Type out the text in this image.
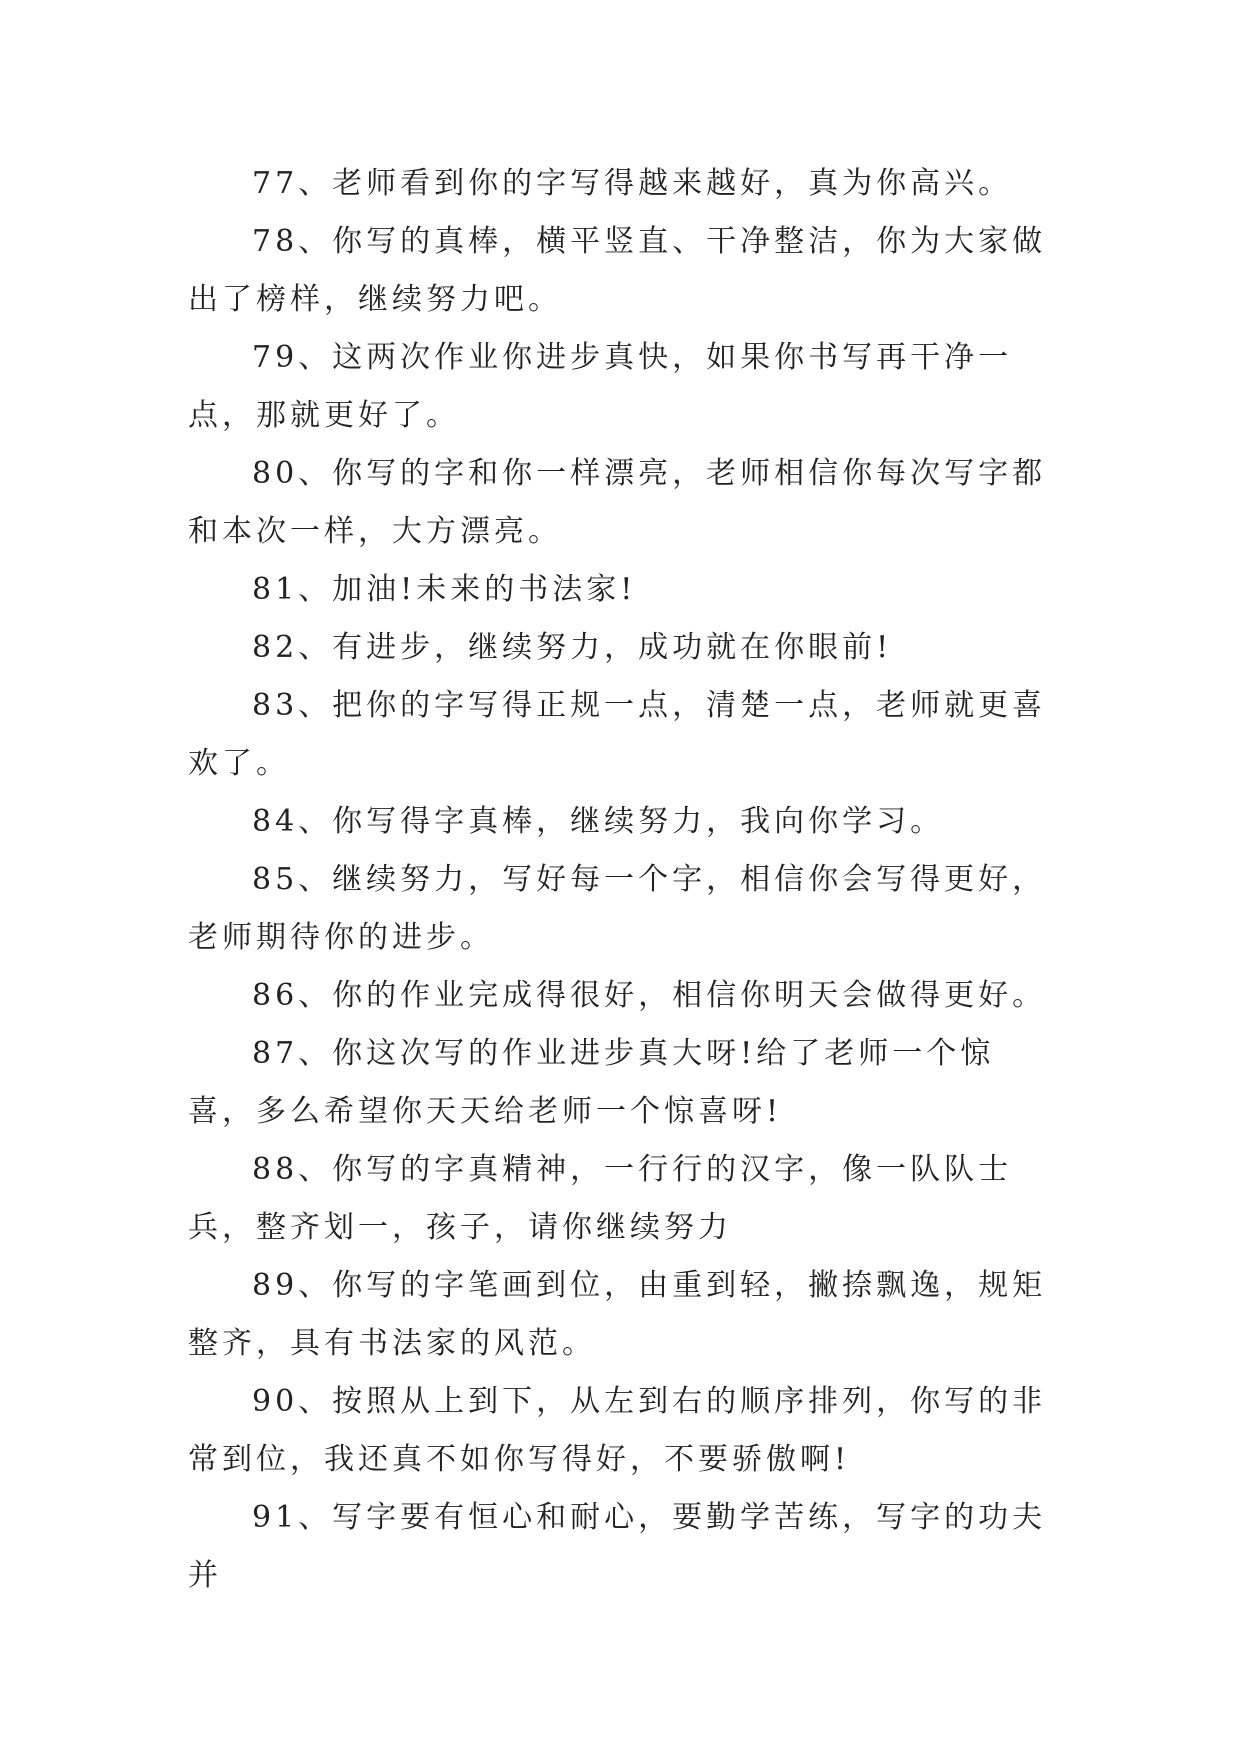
77、老师看到你的字写得越来越好，真为你高兴。

78、你写的真棒，横平竖直、干净整洁，你为大家做出了榜样，继续努力吧。

79、这两次作业你进步真快，如果你书写再干净一点，那就更好了。

80、你写的字和你一样漂亮，老师相信你每次写字都和本次一样，大方漂亮。

81、加油!未来的书法家!

82、有进步，继续努力，成功就在你眼前!

83、把你的字写得正规一点，清楚一点，老师就更喜欢了。

84、你写得字真棒，继续努力，我向你学习。

85、继续努力，写好每一个字，相信你会写得更好，老师期待你的进步。

86、你的作业完成得很好，相信你明天会做得更好。

87、你这次写的作业进步真大呀!给了老师一个惊喜，多么希望你天天给老师一个惊喜呀!

88、你写的字真精神，一行行的汉字，像一队队士兵，整齐划一，孩子，请你继续努力

89、你写的字笔画到位，由重到轻，撇捺飘逸，规矩整齐，具有书法家的风范。

90、按照从上到下，从左到右的顺序排列，你写的非常到位，我还真不如你写得好，不要骄傲啊!

91、写字要有恒心和耐心，要勤学苦练，写字的功夫并
